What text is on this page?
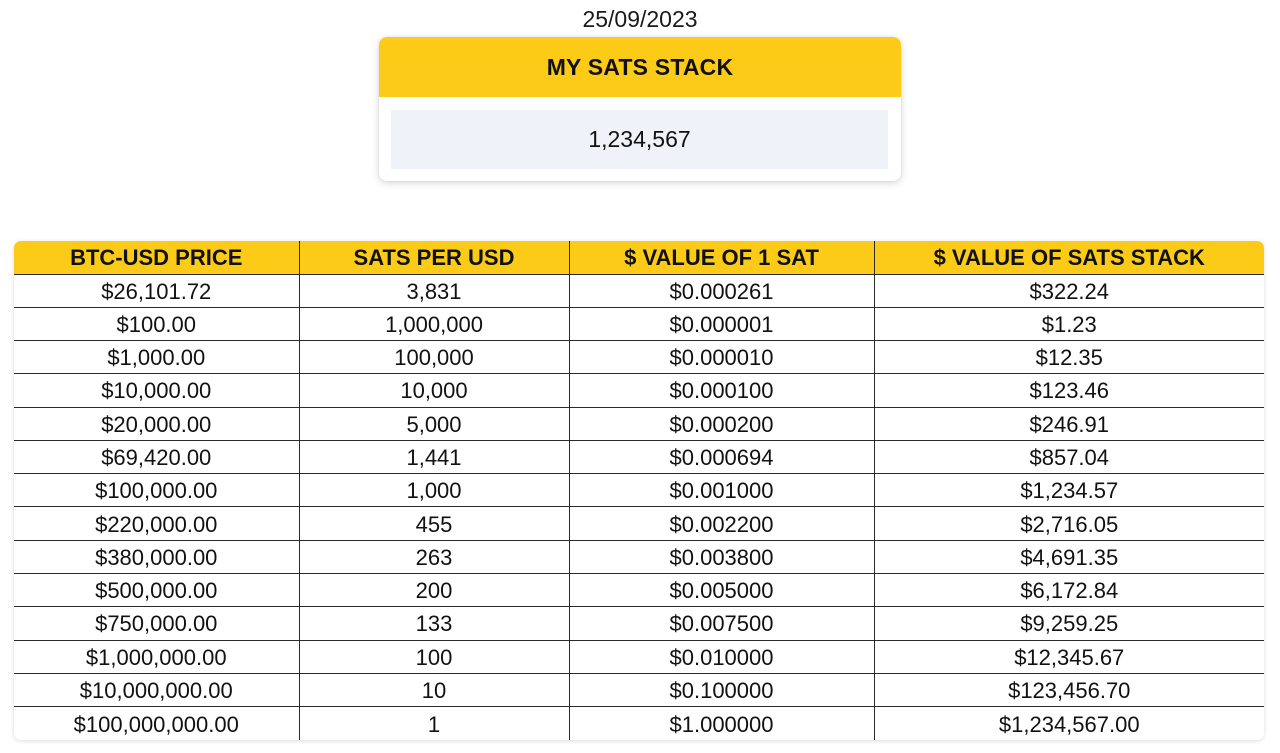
25/09/2023
MY SATS STACK
1,234,567
BTC-USD PRICE	SATS PER USD	$ VALUE OF 1 SAT	$ VALUE OF SATS STACK
$26,101.72	3,831	$0.000261	$322.24
$100.00	1,000,000	$0.000001	$1.23
$1,000.00	100,000	$0.000010	$12.35
$10,000.00	10,000	$0.000100	$123.46
$20,000.00	5,000	$0.000200	$246.91
$69,420.00	1,441	$0.000694	$857.04
$100,000.00	1,000	$0.001000	$1,234.57
$220,000.00	455	$0.002200	$2,716.05
$380,000.00	263	$0.003800	$4,691.35
$500,000.00	200	$0.005000	$6,172.84
$750,000.00	133	$0.007500	$9,259.25
$1,000,000.00	100	$0.010000	$12,345.67
$10,000,000.00	10	$0.100000	$123,456.70
$100,000,000.00	1	$1.000000	$1,234,567.00
